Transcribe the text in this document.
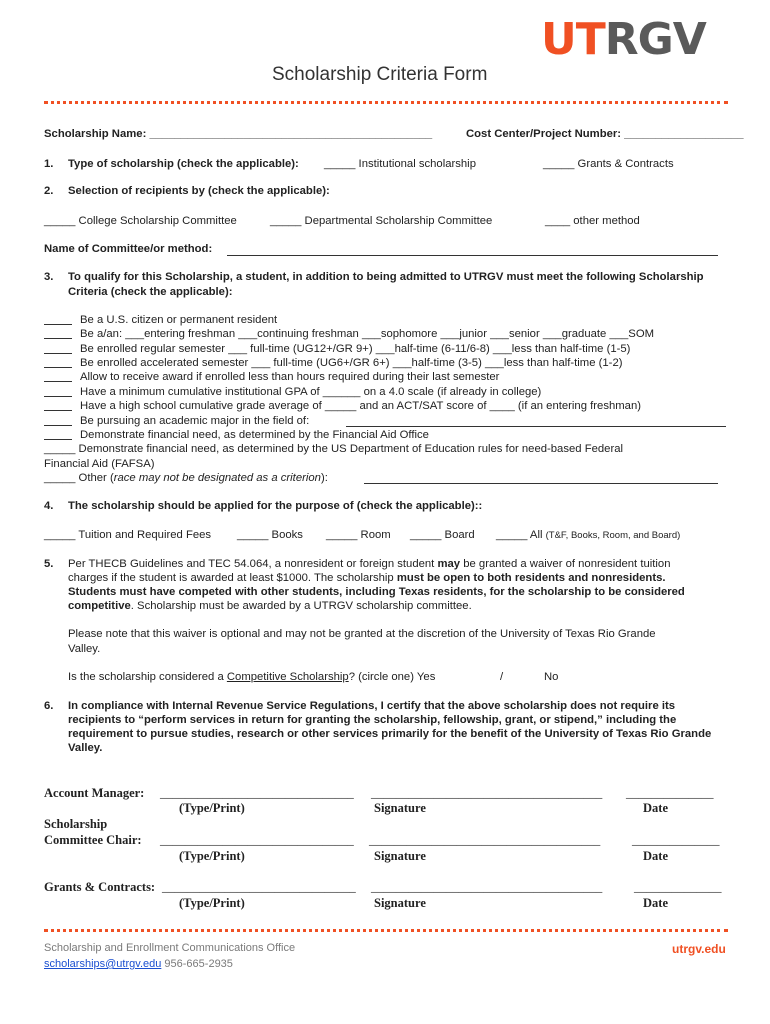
UTRGV
Scholarship Criteria Form
Scholarship Name: _____________________________________________	Cost Center/Project Number: ___________________
1. Type of scholarship (check the applicable): _____ Institutional scholarship	_____ Grants & Contracts
2. Selection of recipients by (check the applicable):
_____ College Scholarship Committee	_____ Departmental Scholarship Committee	____ other method
Name of Committee/or method:
3. To qualify for this Scholarship, a student, in addition to being admitted to UTRGV must meet the following Scholarship
Criteria (check the applicable):
Be a U.S. citizen or permanent resident
Be a/an: ___entering freshman ___continuing freshman ___sophomore ___junior ___senior ___graduate ___SOM
Be enrolled regular semester ___ full-time (UG12+/GR 9+) ___half-time (6-11/6-8) ___less than half-time (1-5)
Be enrolled accelerated semester ___ full-time (UG6+/GR 6+) ___half-time (3-5) ___less than half-time (1-2)
Allow to receive award if enrolled less than hours required during their last semester
Have a minimum cumulative institutional GPA of ______ on a 4.0 scale (if already in college)
Have a high school cumulative grade average of _____ and an ACT/SAT score of ____ (if an entering freshman)
Be pursuing an academic major in the field of:
Demonstrate financial need, as determined by the Financial Aid Office
_____ Demonstrate financial need, as determined by the US Department of Education rules for need-based Federal
Financial Aid (FAFSA)
_____ Other (race may not be designated as a criterion):
4. The scholarship should be applied for the purpose of (check the applicable)::
_____ Tuition and Required Fees _____ Books _____ Room _____ Board _____ All (T&F, Books, Room, and Board)
5. Per THECB Guidelines and TEC 54.064, a nonresident or foreign student may be granted a waiver of nonresident tuition
charges if the student is awarded at least $1000. The scholarship must be open to both residents and nonresidents.
Students must have competed with other students, including Texas residents, for the scholarship to be considered
competitive. Scholarship must be awarded by a UTRGV scholarship committee.
Please note that this waiver is optional and may not be granted at the discretion of the University of Texas Rio Grande
Valley.
Is the scholarship considered a Competitive Scholarship? (circle one) Yes	/	No
6. In compliance with Internal Revenue Service Regulations, I certify that the above scholarship does not require its
recipients to “perform services in return for granting the scholarship, fellowship, grant, or stipend,” including the
requirement to pursue studies, research or other services primarily for the benefit of the University of Texas Rio Grande
Valley.
Account Manager: _______________________________ _____________________________________ ______________
(Type/Print)	Signature	Date
Scholarship
Committee Chair: _______________________________ _____________________________________	______________
(Type/Print)	Signature	Date
Grants & Contracts: _______________________________ _____________________________________	______________
(Type/Print)	Signature	Date
Scholarship and Enrollment Communications Office
scholarships@utrgv.edu 956-665-2935
utrgv.edu
